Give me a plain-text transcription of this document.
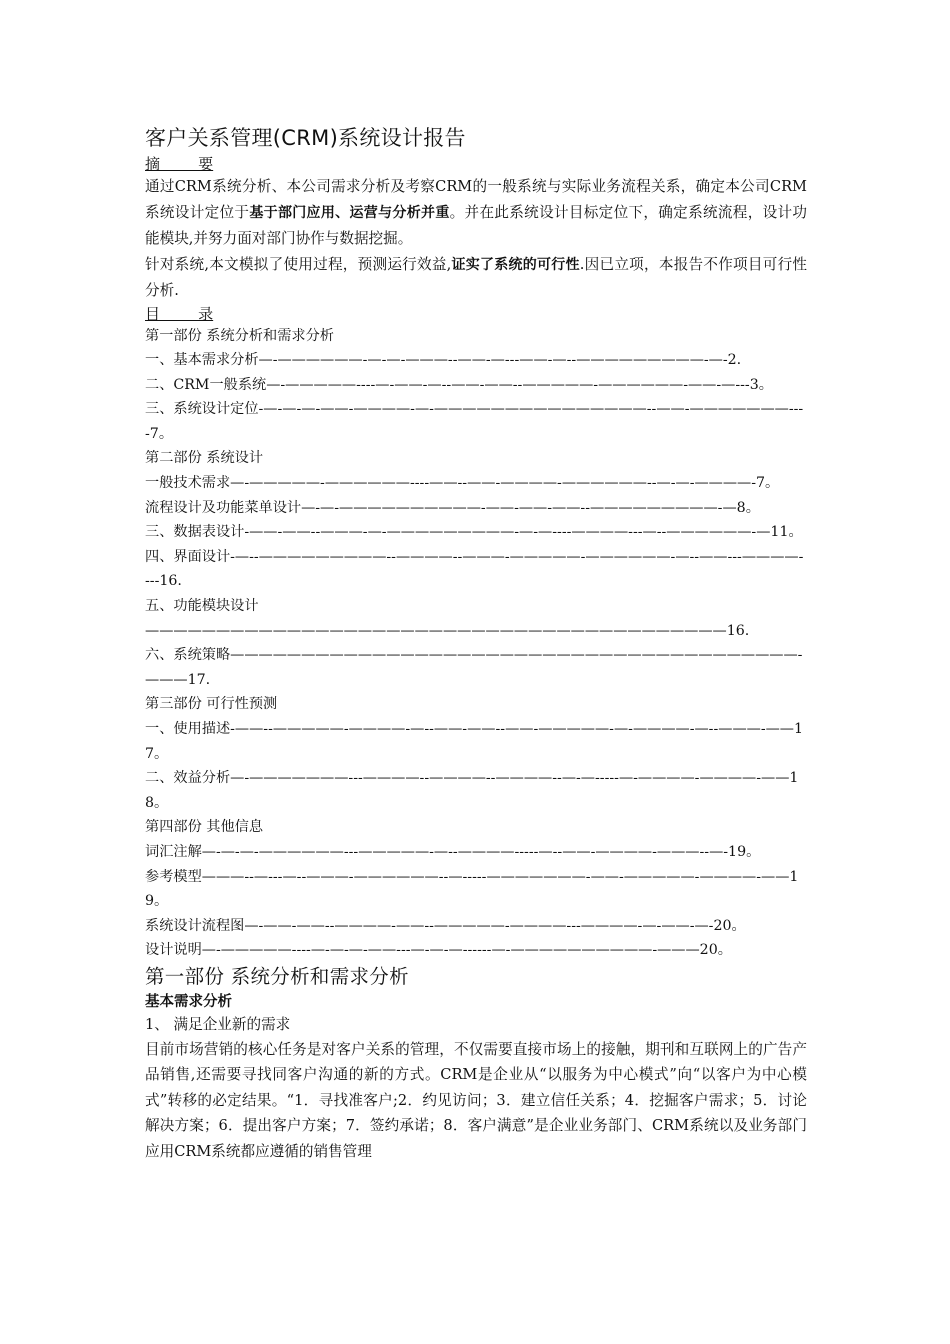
客户关系管理(CRM)系统设计报告
摘        要

通过CRM系统分析、本公司需求分析及考察CRM的一般系统与实际业务流程关系，确定本公司CRM系统设计定位于基于部门应用、运营与分析并重。并在此系统设计目标定位下，确定系统流程，设计功能模块,并努力面对部门协作与数据挖掘。

针对系统,本文模拟了使用过程，预测运行效益,证实了系统的可行性.因已立项，本报告不作项目可行性分析.

目        录
第一部份 系统分析和需求分析
一、基本需求分析—-——————-—-—-———--——-—---——-—--—————————-—-2.
二、CRM一般系统—-—————----—-——-—--——-——--—————-——————-——-—---3。
三、系统设计定位-—-—-—-——-————-—-———————————————--——-———————----7。
第二部份 系统设计
一般技术需求—-—————-——————----——--——-————-——————--—-—-————-7。
流程设计及功能菜单设计—-—-——————————-——-——-——--—————————-—8。
三、数据表设计-——-——--———-—-—————————-—-—----————---—--——————-—11。
四、界面设计-—--—————————--————--———-—————-——————-—--——---————----16.
五、功能模块设计—————————————————————————————————————————16.
六、系统策略————————————————————————————————————————-———17.
第三部份 可行性预测
一、使用描述-——--—————-————-—--——-——--——-—————-—-————-—--———-——17。
二、效益分析—-———————---————--————--————--—-—-----—-————-————-——18。
第四部份 其他信息
词汇注解—-—-—-——————---—————-—--————-----—--——-————-———--—-19。
参考模型———--—---—--———-——————--—-----———————-——-—————-————-——19。
系统设计流程图—-——-——--————-——--—————-————---————-—-——-—-20。
设计说明—-—————----—-—-—-——---—-—-—------—-——————————-———20。
第一部份 系统分析和需求分析
基本需求分析
1、 满足企业新的需求

目前市场营销的核心任务是对客户关系的管理，不仅需要直接市场上的接触，期刊和互联网上的广告产品销售,还需要寻找同客户沟通的新的方式。CRM是企业从“以服务为中心模式”向“以客户为中心模式”转移的必定结果。“1．寻找准客户;2．约见访问；3．建立信任关系；4．挖掘客户需求；5．讨论解决方案；6．提出客户方案；7．签约承诺；8．客户满意”是企业业务部门、CRM系统以及业务部门应用CRM系统都应遵循的销售管理
